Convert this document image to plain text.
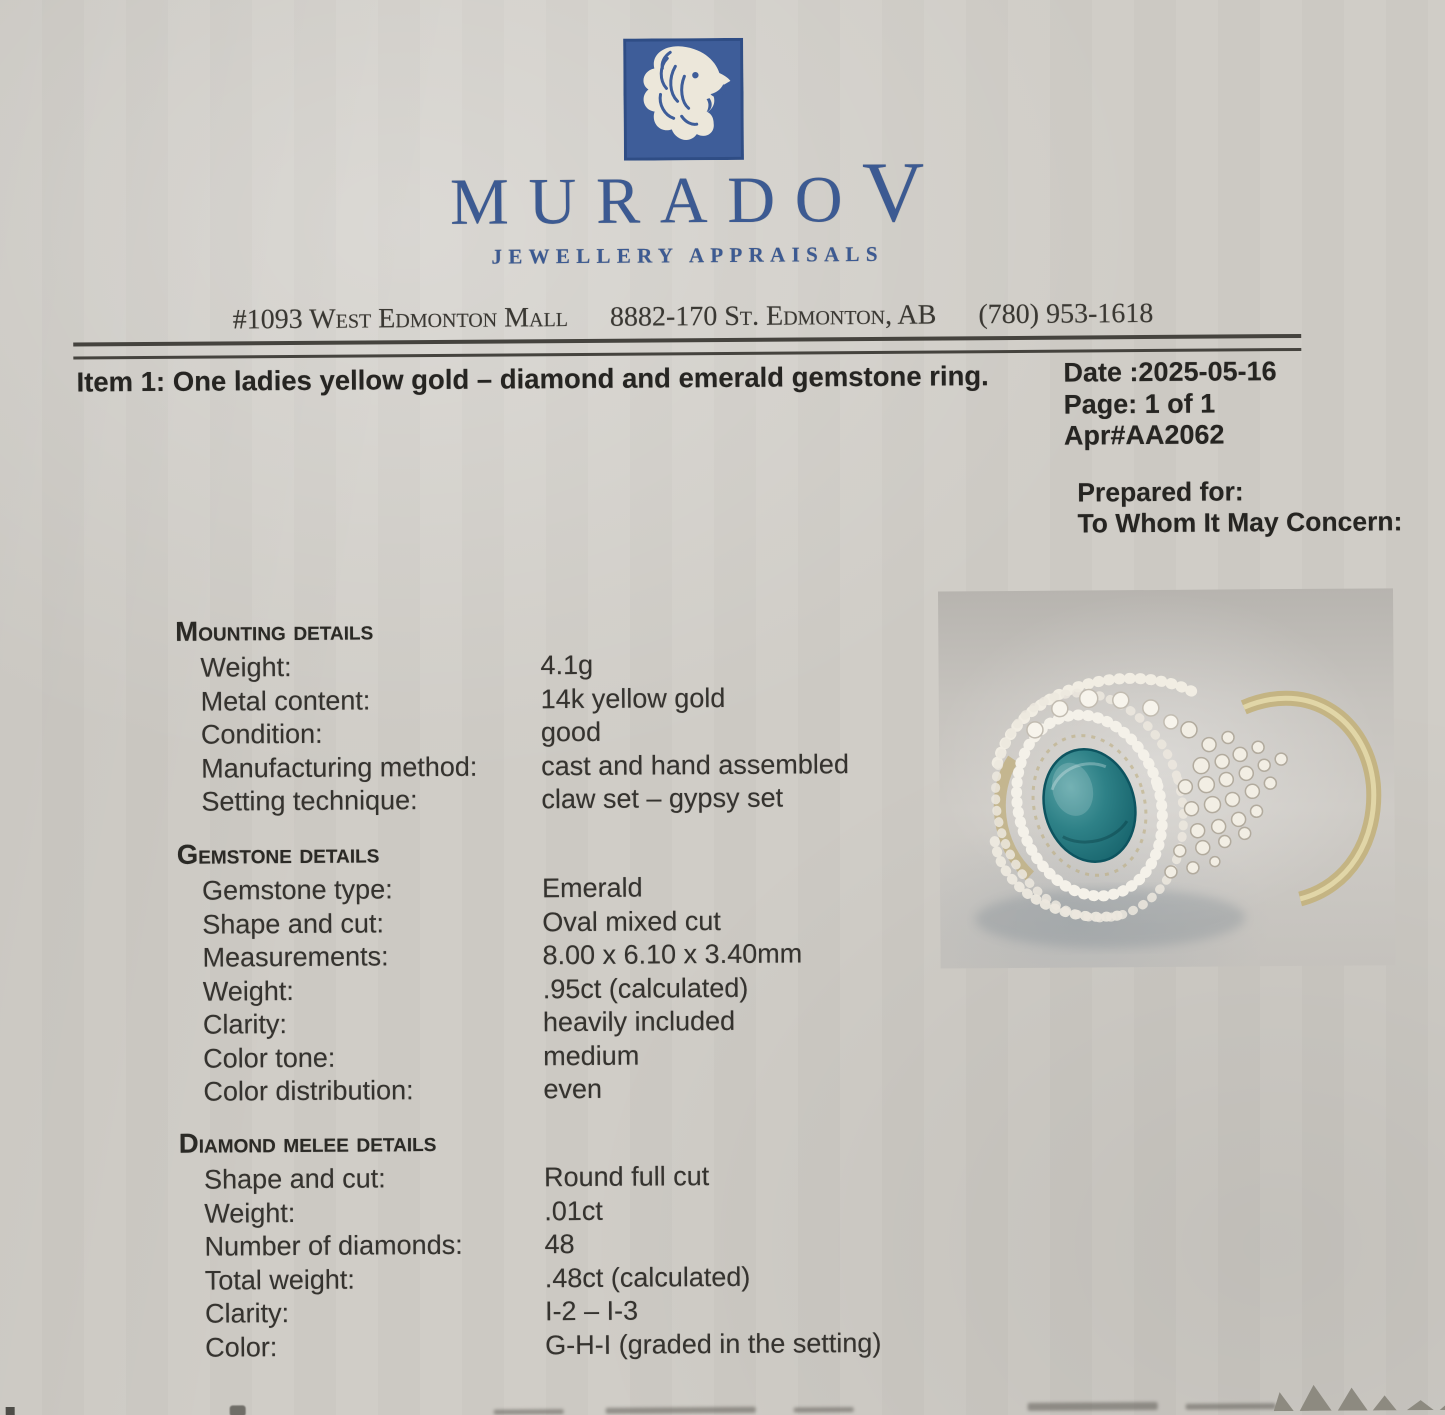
MURADOV
JEWELLERY APPRAISALS
#1093 West Edmonton Mall 8882-170 St. Edmonton, AB (780) 953-1618
Item 1: One ladies yellow gold – diamond and emerald gemstone ring.	Date :2025-05-16
Page: 1 of 1
Apr#AA2062
Prepared for:
To Whom It May Concern:
Mounting details
Weight:	4.1g
Metal content:	14k yellow gold
Condition:	good
Manufacturing method: cast and hand assembled
Setting technique:	claw set – gypsy set
Gemstone details
Gemstone type:	Emerald
Shape and cut:	Oval mixed cut
Measurements:	8.00 x 6.10 x 3.40mm
Weight:	.95ct (calculated)
Clarity:	heavily included
Color tone:	medium
Color distribution:	even
Diamond melee details
Shape and cut:	Round full cut
Weight:	.01ct
Number of diamonds:	48
Total weight:	.48ct (calculated)
Clarity:	I-2 – I-3
Color:	G-H-I (graded in the setting)
